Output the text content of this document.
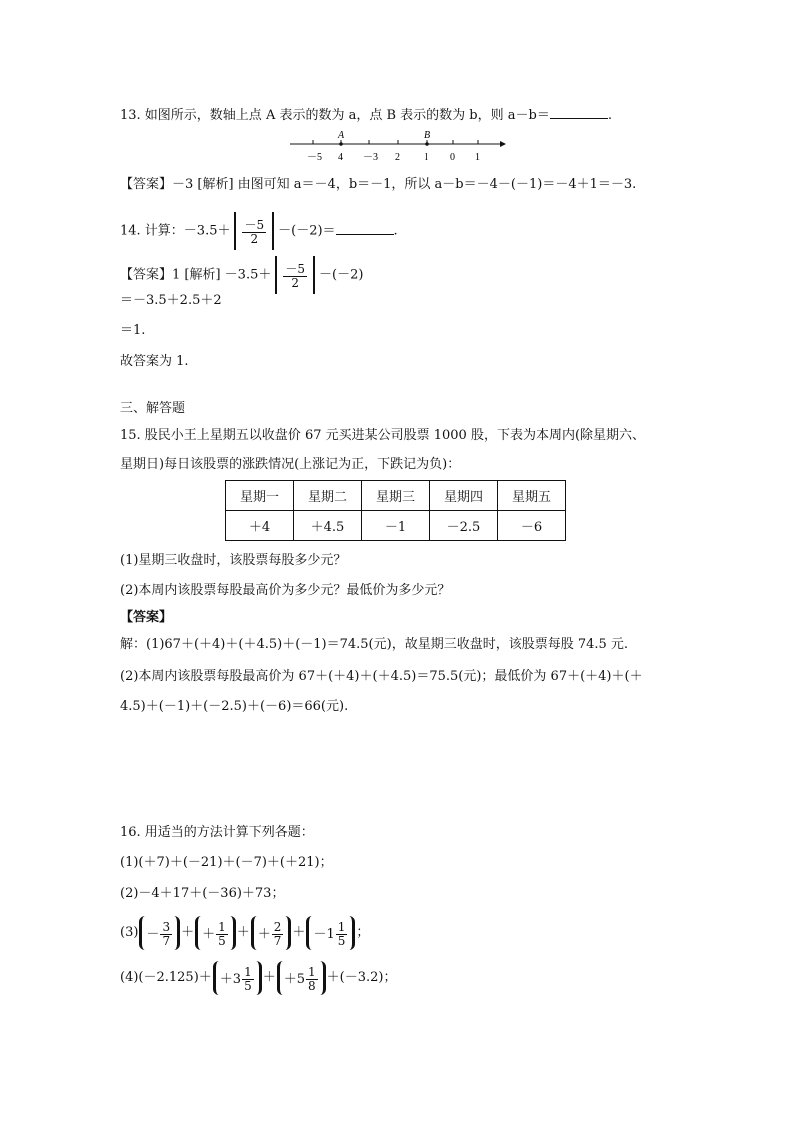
13. 如图所示，数轴上点 A 表示的数为 a，点 B 表示的数为 b，则 a－b＝	.
A	B
－5 4 －3 2	l 0 1
【答案】－3 [解析] 由图可知 a＝－4，b＝－1，所以 a－b＝－4－(－1)＝－4＋1＝－3.
14. 计算：$-3.5+ \frac{-5}{2} -(-2)=$	.
【答案】1 [解析] $-3.5+ \frac{-5}{2} -(-2)$
＝－3.5＋2.5＋2
＝1.
故答案为 1.
三、解答题
15. 股民小王上星期五以收盘价 67 元买进某公司股票 1000 股，下表为本周内(除星期六、
星期日)每日该股票的涨跌情况(上涨记为正，下跌记为负)：
星期一	星期二	星期三	星期四	星期五
＋4	＋4.5	－1	－2.5	－6
(1)星期三收盘时，该股票每股多少元？
(2)本周内该股票每股最高价为多少元？最低价为多少元？
【答案】
解：(1)67＋(＋4)＋(＋4.5)＋(－1)＝74.5(元)，故星期三收盘时，该股票每股 74.5 元.
(2)本周内该股票每股最高价为 67＋(＋4)＋(＋4.5)＝75.5(元)；最低价为 67＋(＋4)＋(＋
4.5)＋(－1)＋(－2.5)＋(－6)＝66(元).
16. 用适当的方法计算下列各题：
(1)(＋7)＋(－21)＋(－7)＋(＋21)；
(2)－4＋17＋(－36)＋73；
$(3) - \frac{3}{7}$ ＋ ＋ $\frac{1}{5}$ ＋ ＋ $\frac{2}{7} + -1 \frac{1}{5}$ ；
$(4)(-2.125)+ +3 \frac{1}{5} + +5 \frac{1}{8} +(-3.2)$；
